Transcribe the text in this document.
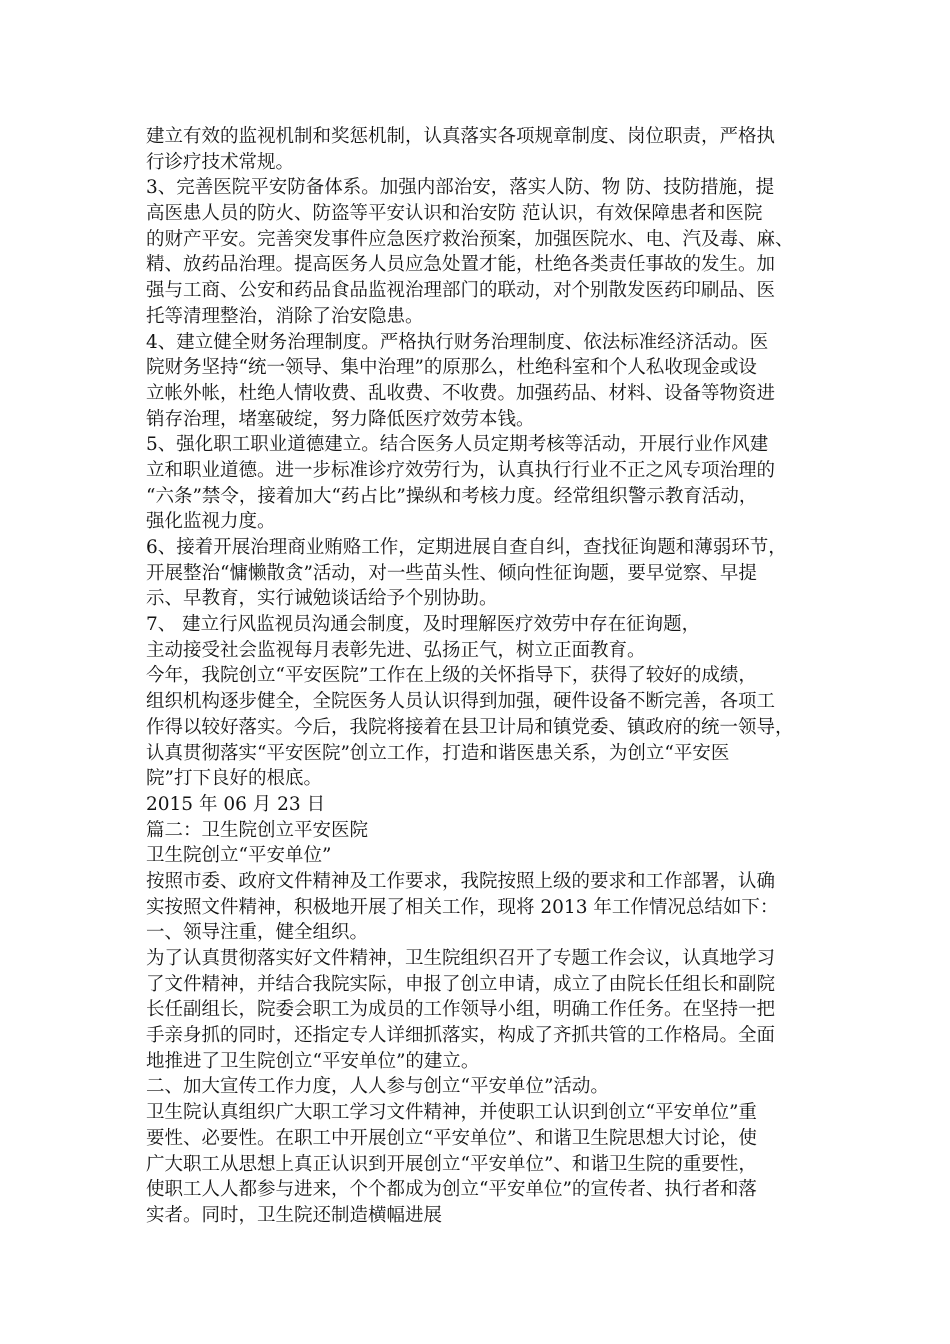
建立有效的监视机制和奖惩机制，认真落实各项规章制度、岗位职责，严格执
行诊疗技术常规。
3、完善医院平安防备体系。加强内部治安，落实人防、物 防、技防措施，提
高医患人员的防火、防盗等平安认识和治安防 范认识，有效保障患者和医院
的财产平安。完善突发事件应急医疗救治预案，加强医院水、电、汽及毒、麻、
精、放药品治理。提高医务人员应急处置才能，杜绝各类责任事故的发生。加
强与工商、公安和药品食品监视治理部门的联动，对个别散发医药印刷品、医
托等清理整治，消除了治安隐患。
4、建立健全财务治理制度。严格执行财务治理制度、依法标准经济活动。医
院财务坚持“统一领导、集中治理”的原那么，杜绝科室和个人私收现金或设
立帐外帐，杜绝人情收费、乱收费、不收费。加强药品、材料、设备等物资进
销存治理，堵塞破绽，努力降低医疗效劳本钱。
5、强化职工职业道德建立。结合医务人员定期考核等活动，开展行业作风建
立和职业道德。进一步标准诊疗效劳行为，认真执行行业不正之风专项治理的
“六条”禁令，接着加大“药占比”操纵和考核力度。经常组织警示教育活动，
强化监视力度。
6、接着开展治理商业贿赂工作，定期进展自查自纠，查找征询题和薄弱环节，
开展整治“慵懒散贪”活动，对一些苗头性、倾向性征询题，要早觉察、早提
示、早教育，实行诫勉谈话给予个别协助。
7、 建立行风监视员沟通会制度，及时理解医疗效劳中存在征询题，
主动接受社会监视每月表彰先进、弘扬正气，树立正面教育。
今年，我院创立“平安医院”工作在上级的关怀指导下，获得了较好的成绩，
组织机构逐步健全，全院医务人员认识得到加强，硬件设备不断完善，各项工
作得以较好落实。今后，我院将接着在县卫计局和镇党委、镇政府的统一领导，
认真贯彻落实“平安医院”创立工作，打造和谐医患关系，为创立“平安医
院”打下良好的根底。
2015 年 06 月 23 日
篇二：卫生院创立平安医院
卫生院创立“平安单位”
按照市委、政府文件精神及工作要求，我院按照上级的要求和工作部署，认确
实按照文件精神，积极地开展了相关工作，现将 2013 年工作情况总结如下：
一、领导注重，健全组织。
为了认真贯彻落实好文件精神，卫生院组织召开了专题工作会议，认真地学习
了文件精神，并结合我院实际，申报了创立申请，成立了由院长任组长和副院
长任副组长，院委会职工为成员的工作领导小组，明确工作任务。在坚持一把
手亲身抓的同时，还指定专人详细抓落实，构成了齐抓共管的工作格局。全面
地推进了卫生院创立“平安单位”的建立。
二、加大宣传工作力度，人人参与创立“平安单位”活动。
卫生院认真组织广大职工学习文件精神，并使职工认识到创立“平安单位”重
要性、必要性。在职工中开展创立“平安单位”、和谐卫生院思想大讨论，使
广大职工从思想上真正认识到开展创立“平安单位”、和谐卫生院的重要性，
使职工人人都参与进来，个个都成为创立“平安单位”的宣传者、执行者和落
实者。同时，卫生院还制造横幅进展
